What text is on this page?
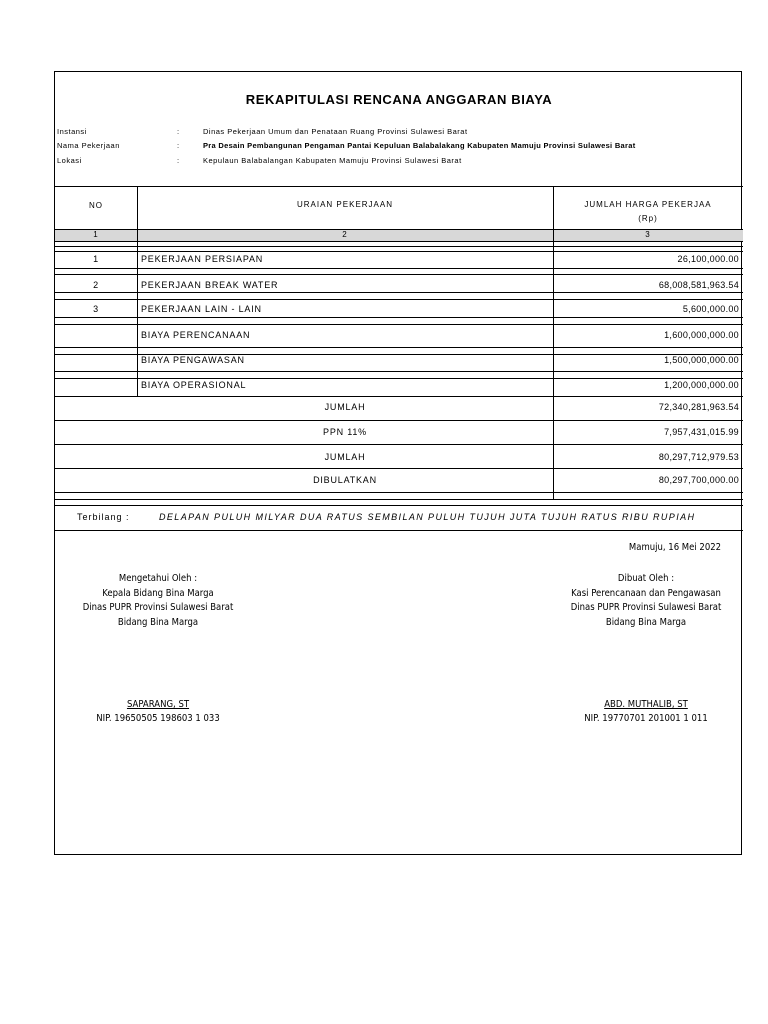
REKAPITULASI RENCANA ANGGARAN BIAYA
Instansi	:	Dinas Pekerjaan Umum dan Penataan Ruang Provinsi Sulawesi Barat
Nama Pekerjaan	:	Pra Desain Pembangunan Pengaman Pantai Kepuluan Balabalakang Kabupaten Mamuju Provinsi Sulawesi Barat
Lokasi	:	Kepulaun Balabalangan Kabupaten Mamuju Provinsi Sulawesi Barat
NO	URAIAN PEKERJAAN	JUMLAH HARGA PEKERJAA
(Rp)
1	2	3
1	PEKERJAAN PERSIAPAN	26,100,000.00
2	PEKERJAAN BREAK WATER	68,008,581,963.54
3	PEKERJAAN LAIN - LAIN	5,600,000.00
BIAYA PERENCANAAN	1,600,000,000.00
BIAYA PENGAWASAN	1,500,000,000.00
BIAYA OPERASIONAL	1,200,000,000.00
JUMLAH	72,340,281,963.54
PPN 11%	7,957,431,015.99
JUMLAH	80,297,712,979.53
DIBULATKAN	80,297,700,000.00
Terbilang :	DELAPAN PULUH MILYAR DUA RATUS SEMBILAN PULUH TUJUH JUTA TUJUH RATUS RIBU RUPIAH
Mamuju, 16 Mei 2022
Mengetahui Oleh :
Kepala Bidang Bina Marga
Dinas PUPR Provinsi Sulawesi Barat
Bidang Bina Marga
SAPARANG, ST
NIP. 19650505 198603 1 033
Dibuat Oleh :
Kasi Perencanaan dan Pengawasan
Dinas PUPR Provinsi Sulawesi Barat
Bidang Bina Marga
ABD. MUTHALIB, ST
NIP. 19770701 201001 1 011
